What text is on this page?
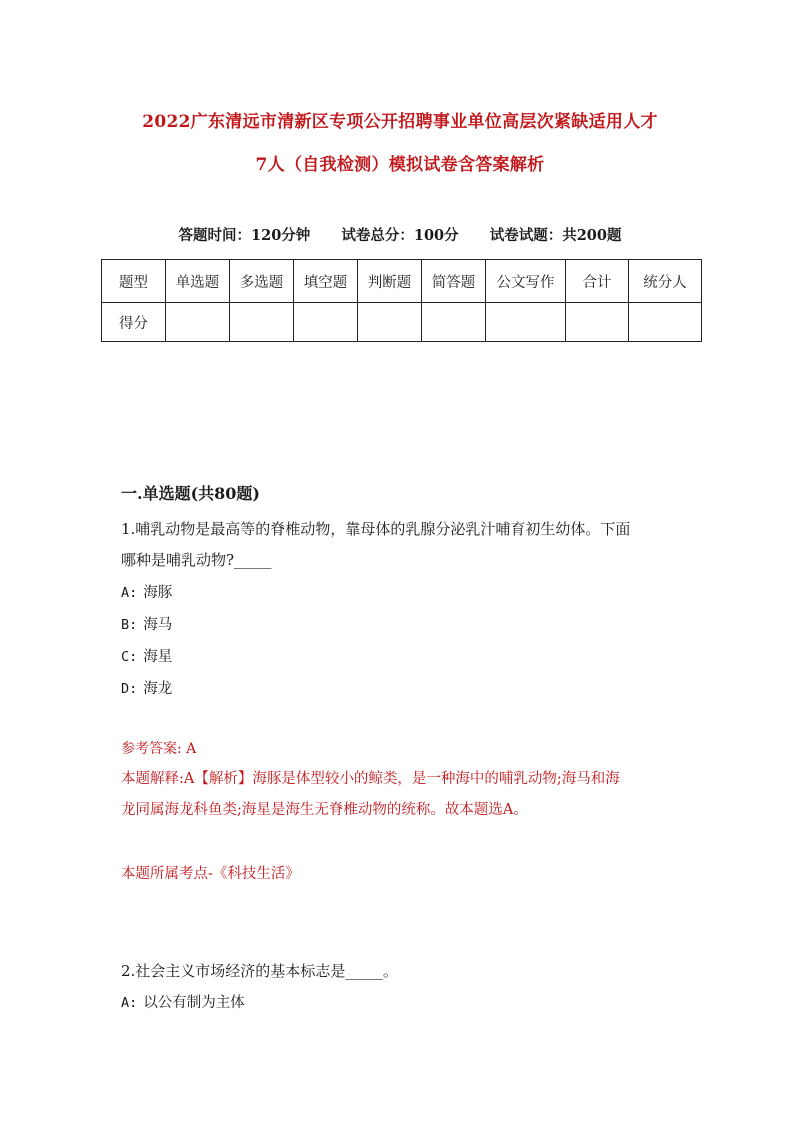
2022广东清远市清新区专项公开招聘事业单位高层次紧缺适用人才
7人（自我检测）模拟试卷含答案解析
答题时间：120分钟 试卷总分：100分 试卷试题：共200题
题型	单选题	多选题	填空题	判断题	简答题	公文写作	合计	统分人
得分								
一.单选题(共80题)
1.哺乳动物是最高等的脊椎动物，靠母体的乳腺分泌乳汁哺育初生幼体。下面
哪种是哺乳动物?_____
A: 海豚
B: 海马
C: 海星
D: 海龙
参考答案: A
本题解释:A【解析】海豚是体型较小的鲸类，是一种海中的哺乳动物;海马和海
龙同属海龙科鱼类;海星是海生无脊椎动物的统称。故本题选A。
本题所属考点-《科技生活》
2.社会主义市场经济的基本标志是_____。
A: 以公有制为主体
